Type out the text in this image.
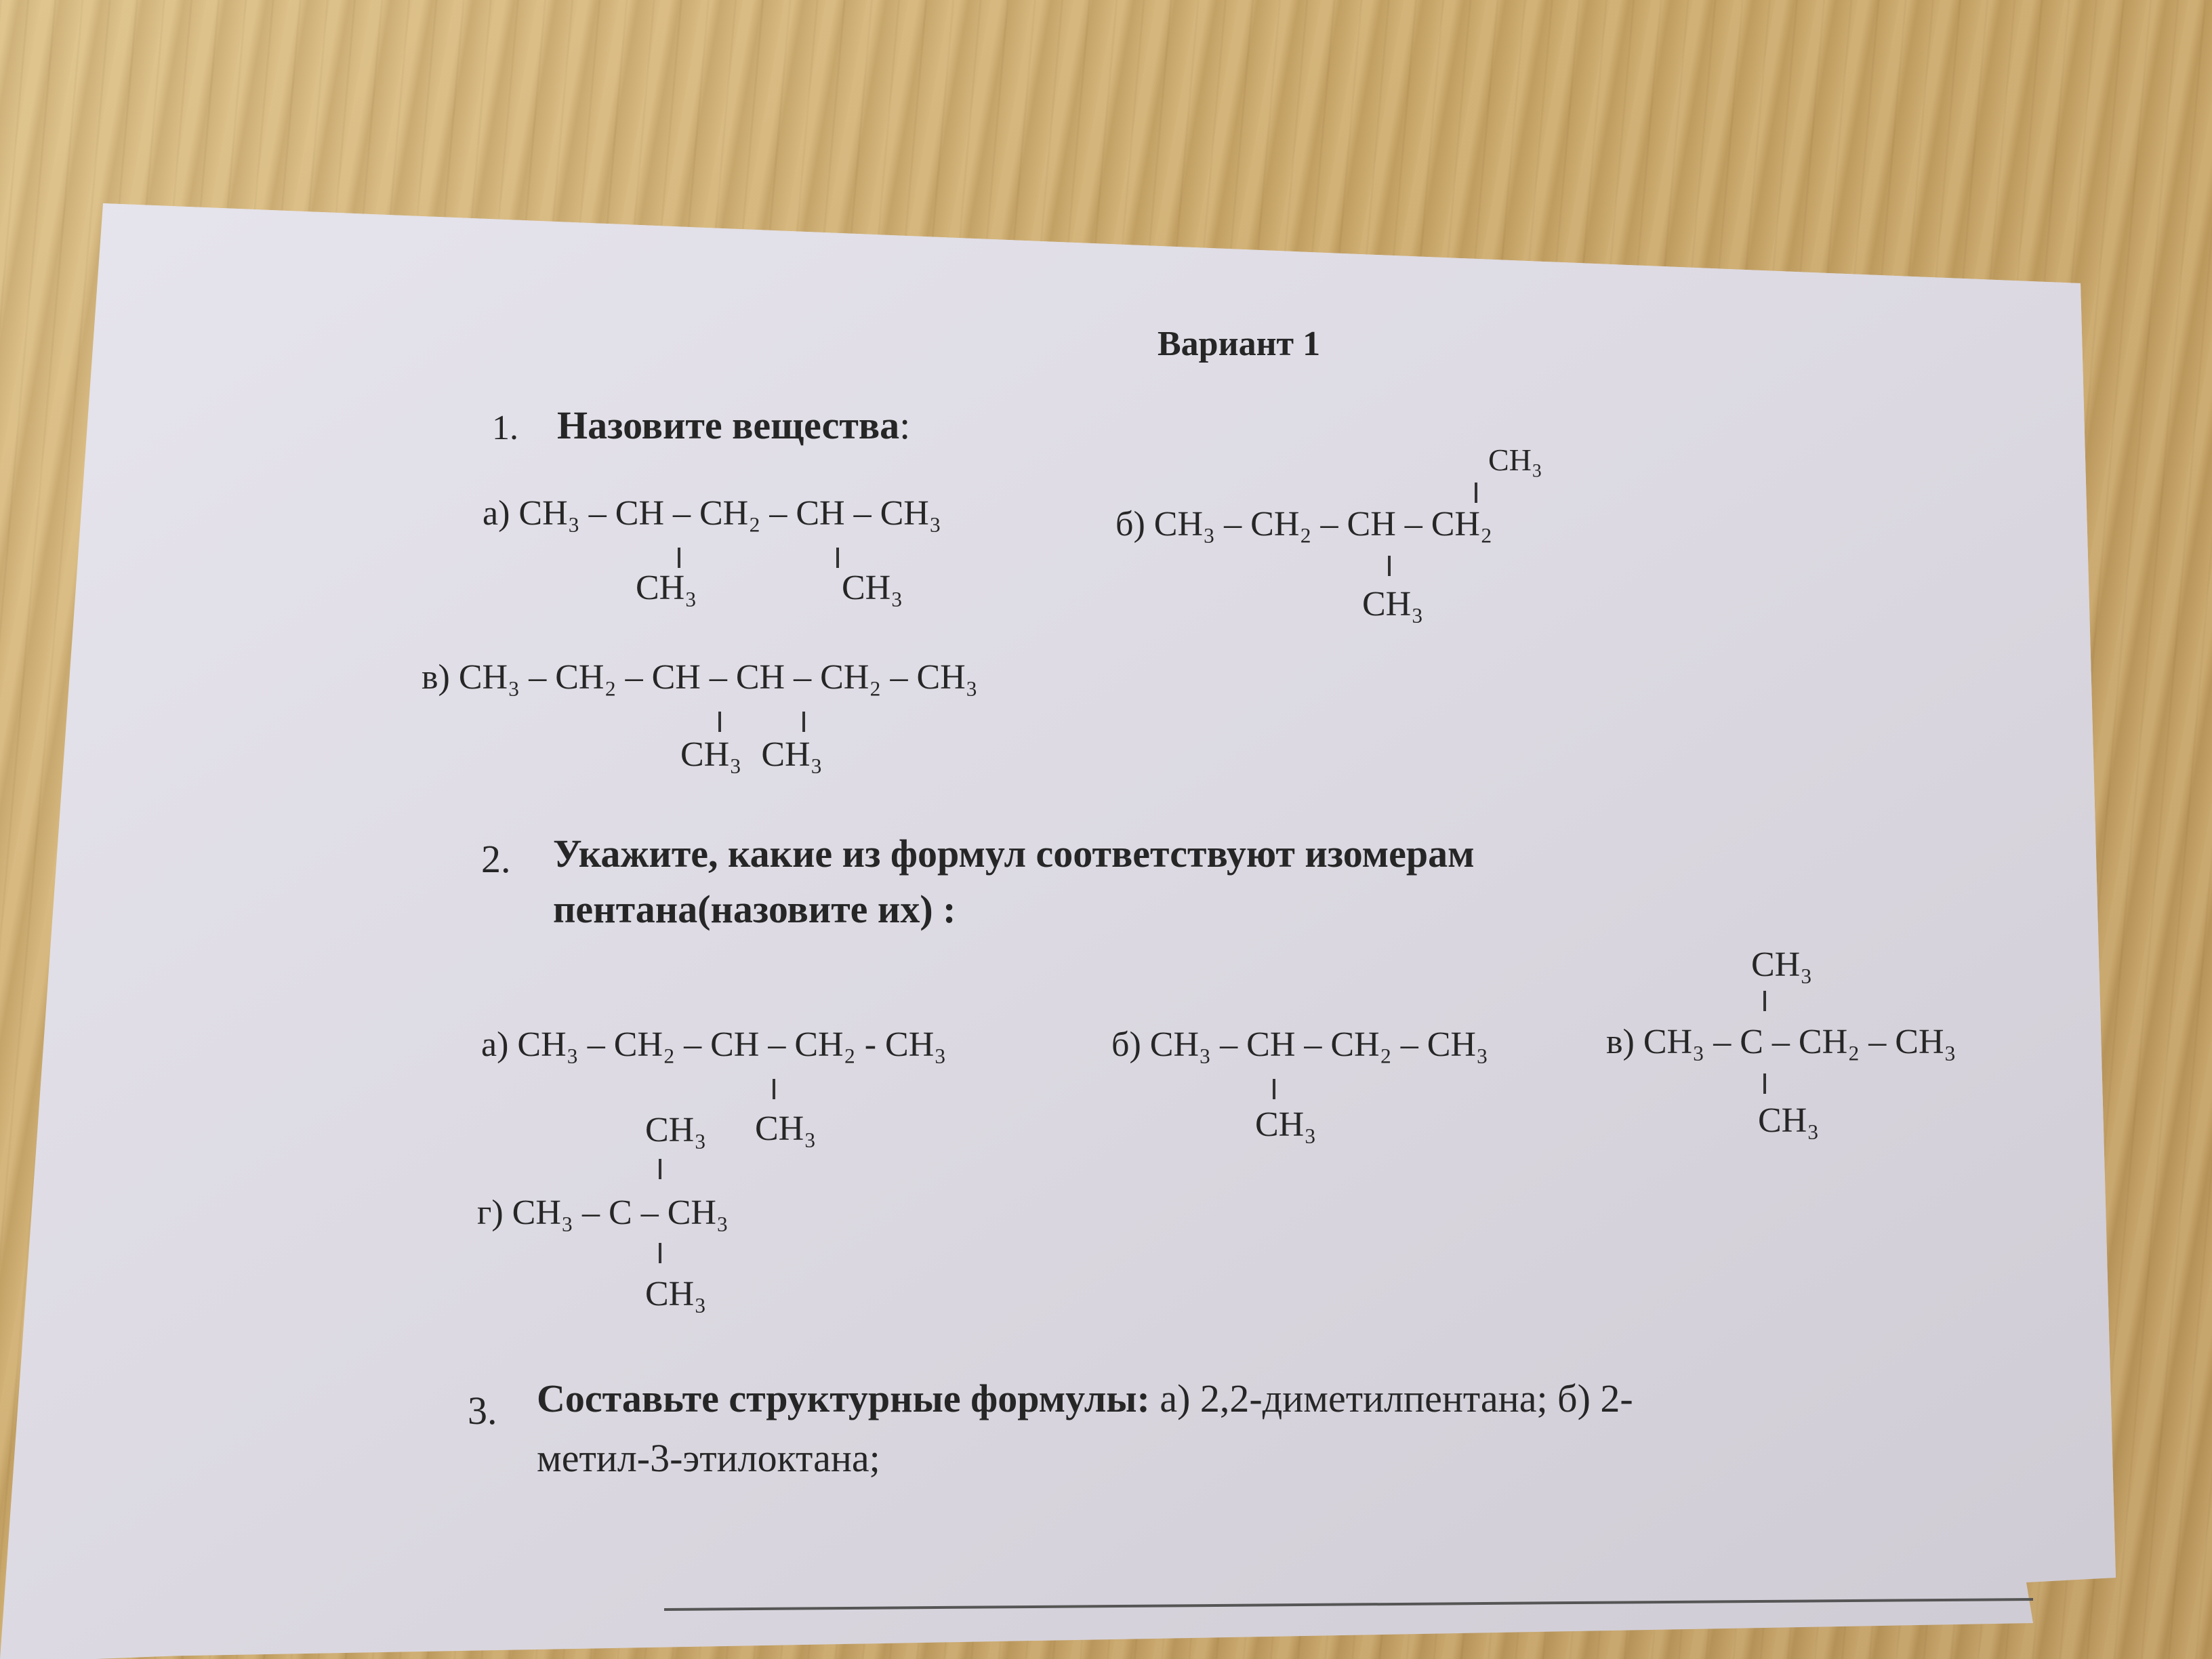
Вариант 1
1. Назовите вещества:
а) CH₃ – CH – CH₂ – CH – CH₃
CH₃	CH₃
CH₃
б) CH₃ – CH₂ – CH – CH₂
CH₃
в) CH₃ – CH₂ – CH – CH – CH₂ – CH₃
CH₃ CH₃
2. Укажите, какие из формул соответствуют изомерам
пентана(назовите их) :
а) CH₃ – CH₂ – CH – CH₂ - CH₃
CH₃
б) CH₃ – CH – CH₂ – CH₃
CH₃
CH₃
в) CH₃ – C – CH₂ – CH₃
CH₃
CH₃
г) CH₃ – C – CH₃
CH₃
3. Составьте структурные формулы: а) 2,2-диметилпентана; б) 2-
метил-3-этилоктана;
